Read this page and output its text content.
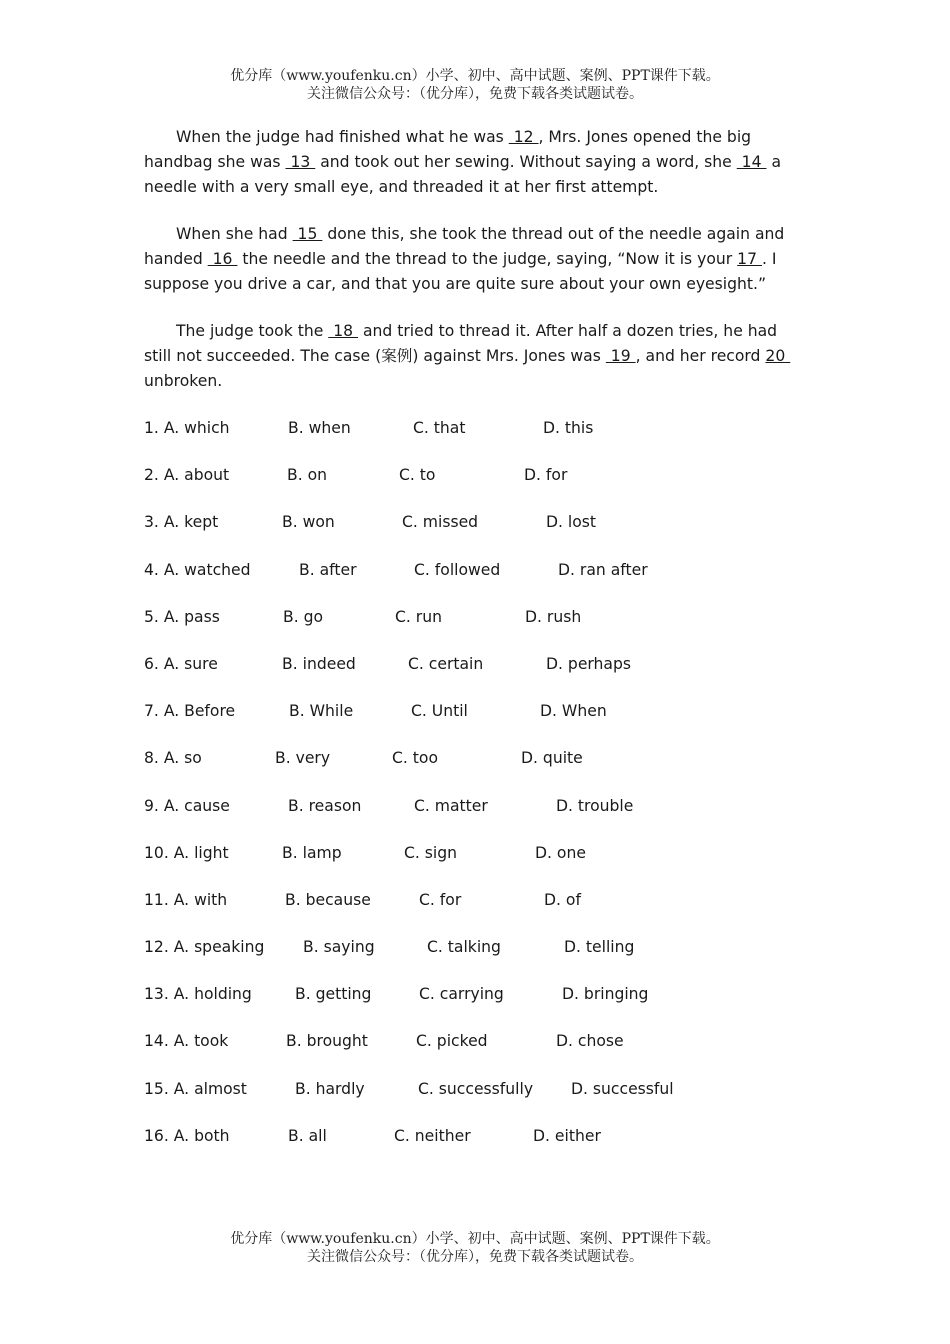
优分库（www.youfenku.cn）小学、初中、高中试题、案例、PPT课件下载。
关注微信公众号：（优分库），免费下载各类试题试卷。

When the judge had finished what he was  12 , Mrs. Jones opened the big handbag she was  13  and took out her sewing. Without saying a word, she  14  a needle with a very small eye, and threaded it at her first attempt.

When she had  15  done this, she took the thread out of the needle again and handed  16  the needle and the thread to the judge, saying, “Now it is your 17 . I suppose you drive a car, and that you are quite sure about your own eyesight.”

The judge took the  18  and tried to thread it. After half a dozen tries, he had still not succeeded. The case (案例) against Mrs. Jones was  19 , and her record 20  unbroken.

1. A. which	B. when	C. that	D. this
2. A. about	B. on	C. to	D. for
3. A. kept	B. won	C. missed	D. lost
4. A. watched	B. after	C. followed	D. ran after
5. A. pass	B. go	C. run	D. rush
6. A. sure	B. indeed	C. certain	D. perhaps
7. A. Before	B. While	C. Until	D. When
8. A. so	B. very	C. too	D. quite
9. A. cause	B. reason	C. matter	D. trouble
10. A. light	B. lamp	C. sign	D. one
11. A. with	B. because	C. for	D. of
12. A. speaking B. saying	C. talking	D. telling
13. A. holding	B. getting	C. carrying	D. bringing
14. A. took	B. brought	C. picked	D. chose
15. A. almost	B. hardly	C. successfully D. successful
16. A. both	B. all	C. neither	D. either
优分库（www.youfenku.cn）小学、初中、高中试题、案例、PPT课件下载。
关注微信公众号：（优分库），免费下载各类试题试卷。
